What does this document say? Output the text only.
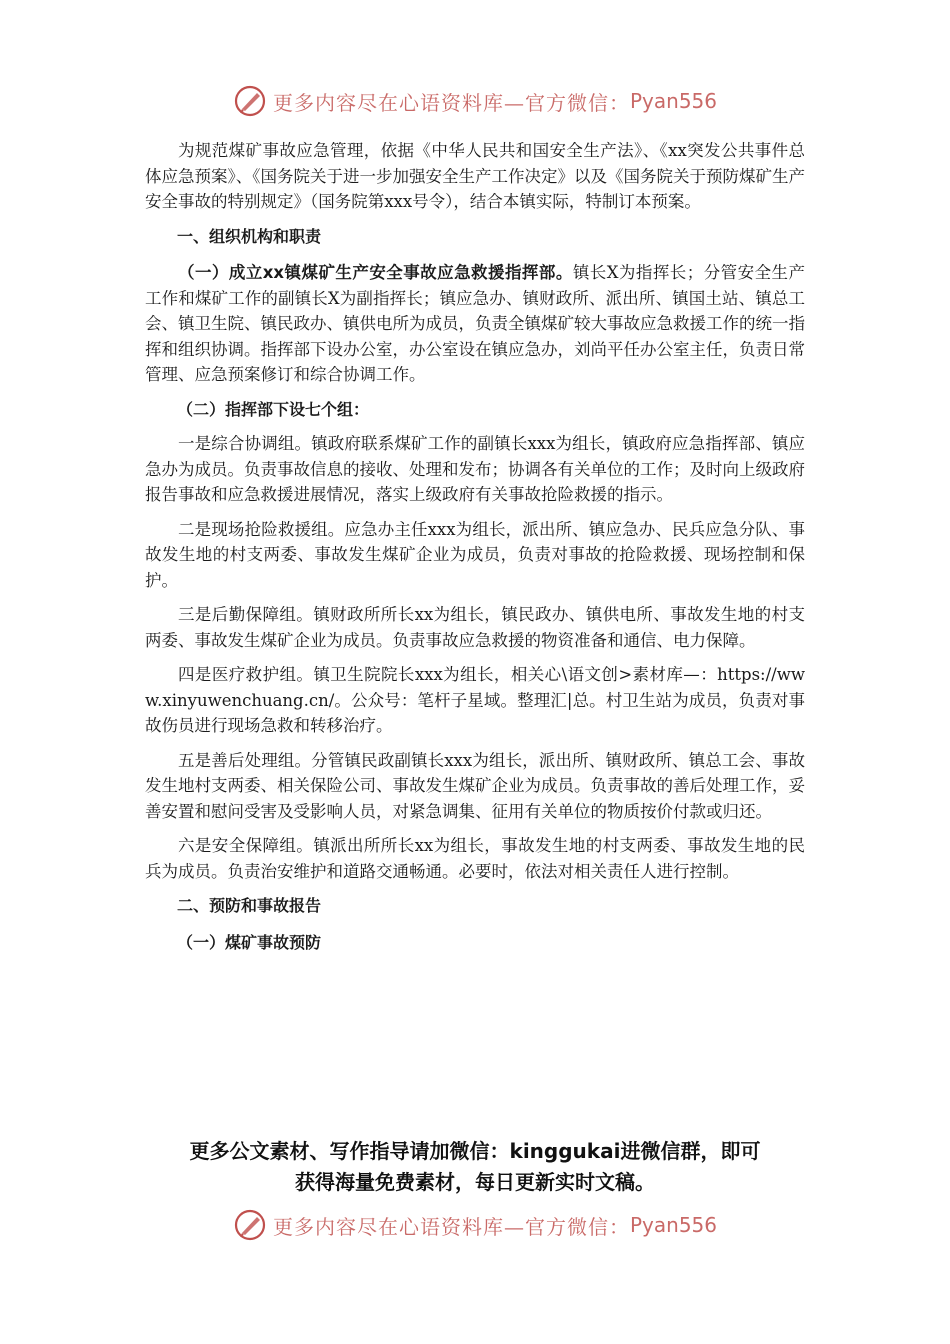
更多内容尽在心语资料库—官方微信： Pyan556

为规范煤矿事故应急管理，依据《中华人民共和国安全生产法》、《xx突发公共事件总体应急预案》、《国务院关于进一步加强安全生产工作决定》以及《国务院关于预防煤矿生产安全事故的特别规定》（国务院第xxx号令），结合本镇实际，特制订本预案。

一、组织机构和职责

（一）成立xx镇煤矿生产安全事故应急救援指挥部。镇长X为指挥长；分管安全生产工作和煤矿工作的副镇长X为副指挥长；镇应急办、镇财政所、派出所、镇国土站、镇总工会、镇卫生院、镇民政办、镇供电所为成员，负责全镇煤矿较大事故应急救援工作的统一指挥和组织协调。指挥部下设办公室，办公室设在镇应急办，刘尚平任办公室主任，负责日常管理、应急预案修订和综合协调工作。

（二）指挥部下设七个组：

一是综合协调组。镇政府联系煤矿工作的副镇长xxx为组长，镇政府应急指挥部、镇应急办为成员。负责事故信息的接收、处理和发布；协调各有关单位的工作；及时向上级政府报告事故和应急救援进展情况，落实上级政府有关事故抢险救援的指示。

二是现场抢险救援组。应急办主任xxx为组长，派出所、镇应急办、民兵应急分队、事故发生地的村支两委、事故发生煤矿企业为成员，负责对事故的抢险救援、现场控制和保护。

三是后勤保障组。镇财政所所长xx为组长，镇民政办、镇供电所、事故发生地的村支两委、事故发生煤矿企业为成员。负责事故应急救援的物资准备和通信、电力保障。

四是医疗救护组。镇卫生院院长xxx为组长，相关心\语文创>素材库—：https://www.xinyuwenchuang.cn/。公众号：笔杆子星域。整理汇|总。村卫生站为成员，负责对事故伤员进行现场急救和转移治疗。

五是善后处理组。分管镇民政副镇长xxx为组长，派出所、镇财政所、镇总工会、事故发生地村支两委、相关保险公司、事故发生煤矿企业为成员。负责事故的善后处理工作，妥善安置和慰问受害及受影响人员，对紧急调集、征用有关单位的物质按价付款或归还。

六是安全保障组。镇派出所所长xx为组长，事故发生地的村支两委、事故发生地的民兵为成员。负责治安维护和道路交通畅通。必要时，依法对相关责任人进行控制。

二、预防和事故报告

（一）煤矿事故预防

更多公文素材、写作指导请加微信：kinggukai进微信群，即可
获得海量免费素材，每日更新实时文稿。
更多内容尽在心语资料库—官方微信： Pyan556
